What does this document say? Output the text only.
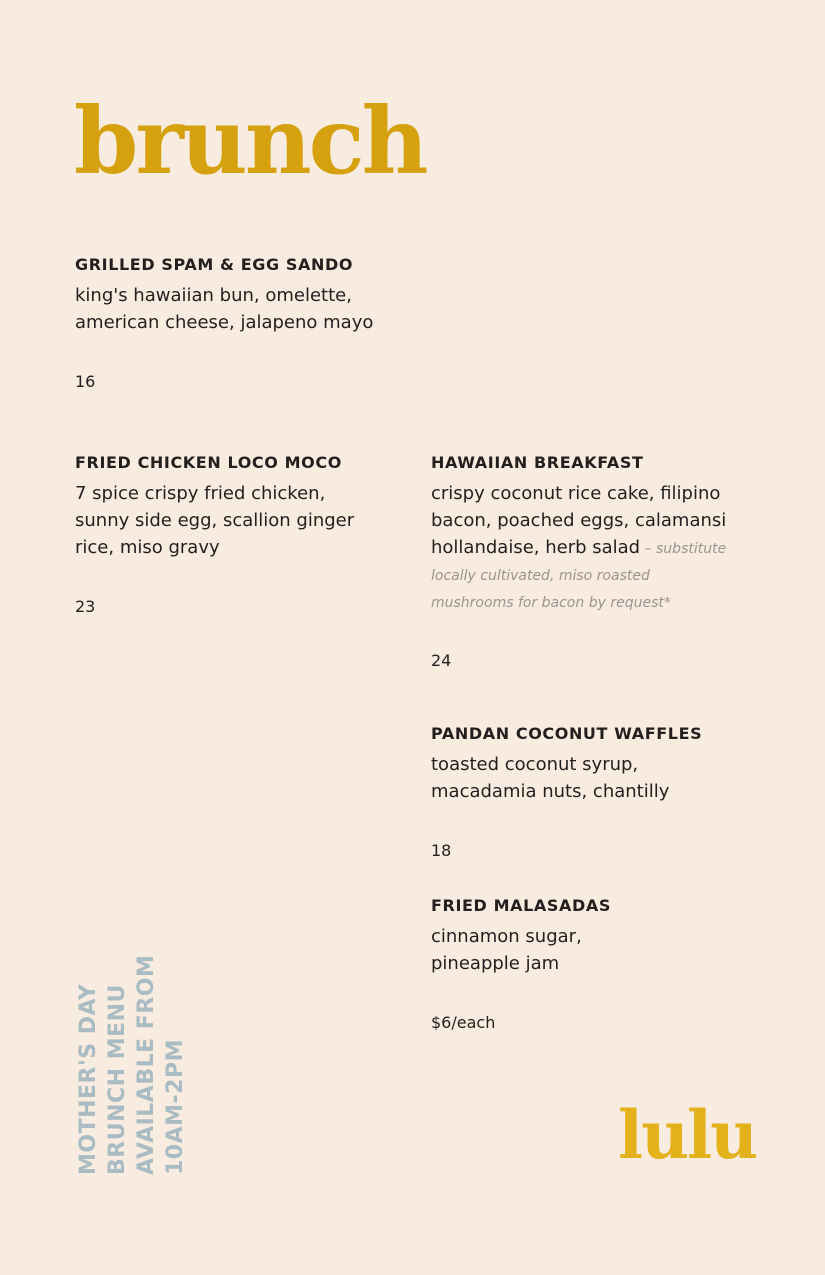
brunch
GRILLED SPAM & EGG SANDO

king's hawaiian bun, omelette, american cheese, jalapeno mayo

16
FRIED CHICKEN LOCO MOCO

7 spice crispy fried chicken, sunny side egg, scallion ginger rice, miso gravy

23
HAWAIIAN BREAKFAST

crispy coconut rice cake, filipino bacon, poached eggs, calamansi hollandaise, herb salad – substitute locally cultivated, miso roasted mushrooms for bacon by request*

24
PANDAN COCONUT WAFFLES

toasted coconut syrup, macadamia nuts, chantilly

18
FRIED MALASADAS

cinnamon sugar, pineapple jam

$6/each
MOTHER'S DAY BRUNCH MENU AVAILABLE FROM 10AM-2PM	lulu
